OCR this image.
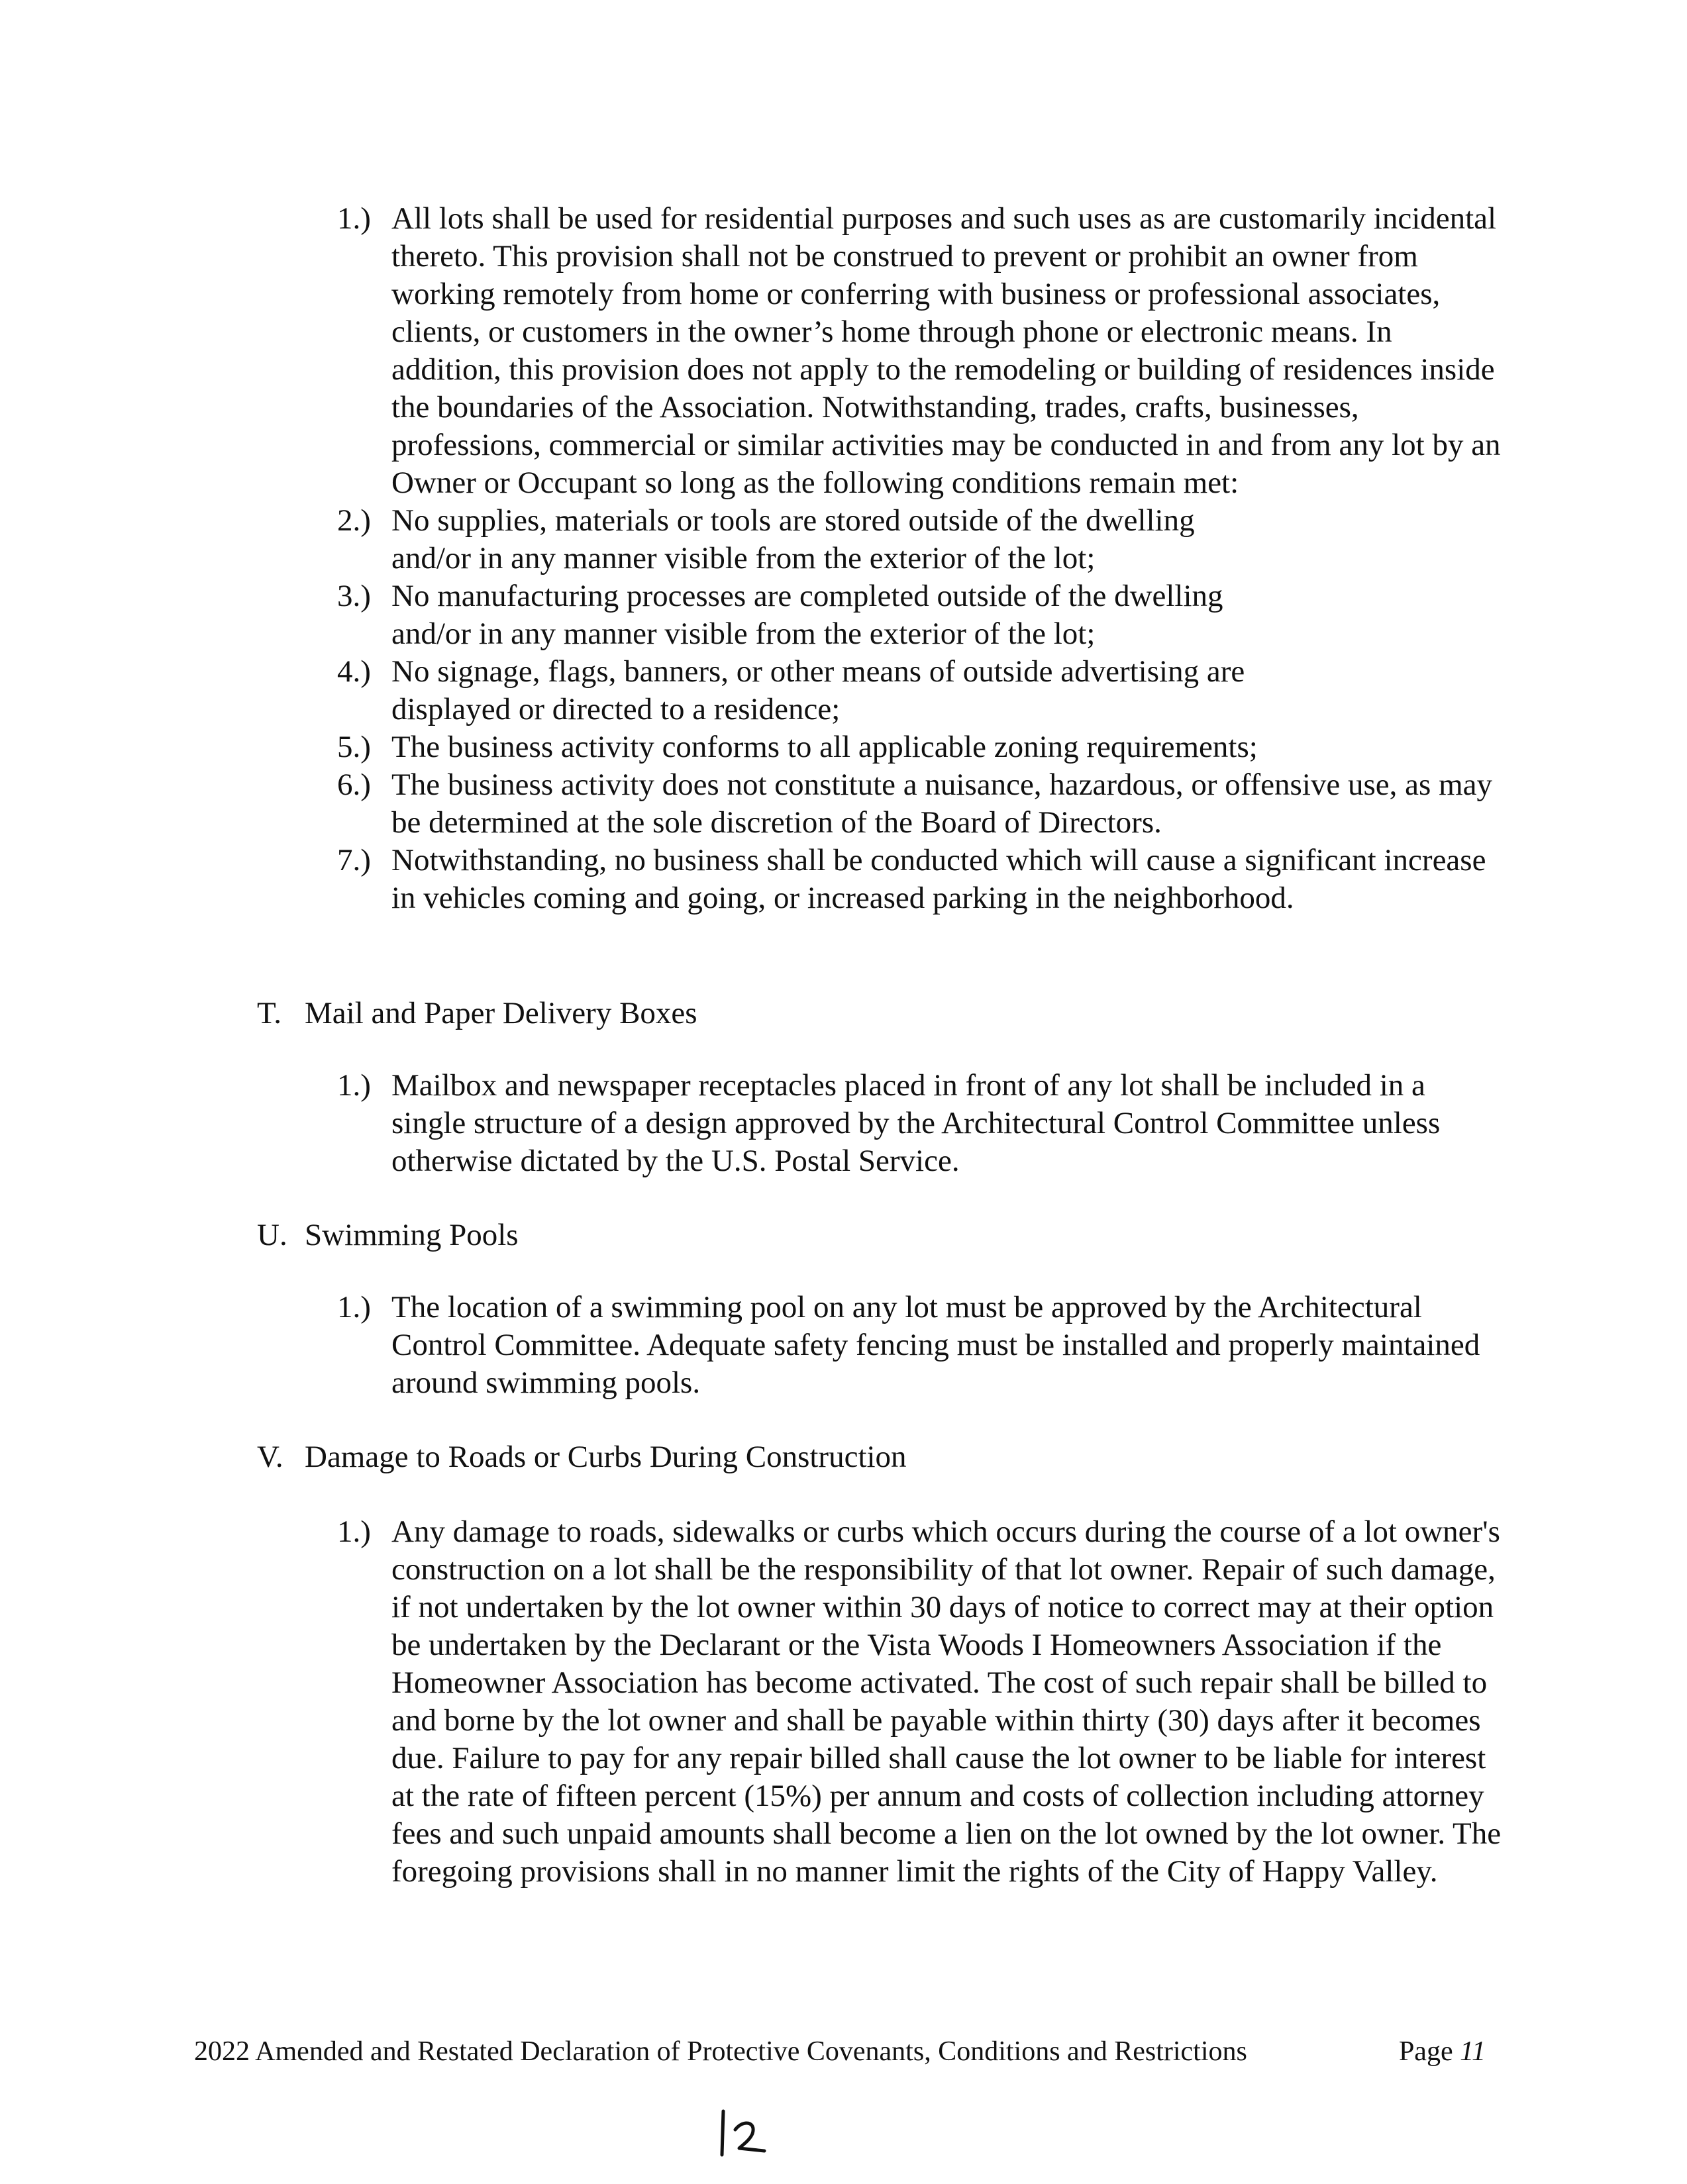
1.) All lots shall be used for residential purposes and such uses as are customarily incidental thereto. This provision shall not be construed to prevent or prohibit an owner from working remotely from home or conferring with business or professional associates, clients, or customers in the owner’s home through phone or electronic means. In addition, this provision does not apply to the remodeling or building of residences inside the boundaries of the Association. Notwithstanding, trades, crafts, businesses, professions, commercial or similar activities may be conducted in and from any lot by an Owner or Occupant so long as the following conditions remain met:
2.) No supplies, materials or tools are stored outside of the dwelling and/or in any manner visible from the exterior of the lot;
3.) No manufacturing processes are completed outside of the dwelling and/or in any manner visible from the exterior of the lot;
4.) No signage, flags, banners, or other means of outside advertising are displayed or directed to a residence;
5.) The business activity conforms to all applicable zoning requirements;
6.) The business activity does not constitute a nuisance, hazardous, or offensive use, as may be determined at the sole discretion of the Board of Directors.
7.) Notwithstanding, no business shall be conducted which will cause a significant increase in vehicles coming and going, or increased parking in the neighborhood.
T. Mail and Paper Delivery Boxes
1.) Mailbox and newspaper receptacles placed in front of any lot shall be included in a single structure of a design approved by the Architectural Control Committee unless otherwise dictated by the U.S. Postal Service.
U. Swimming Pools
1.) The location of a swimming pool on any lot must be approved by the Architectural Control Committee. Adequate safety fencing must be installed and properly maintained around swimming pools.
V. Damage to Roads or Curbs During Construction
1.) Any damage to roads, sidewalks or curbs which occurs during the course of a lot owner's construction on a lot shall be the responsibility of that lot owner. Repair of such damage, if not undertaken by the lot owner within 30 days of notice to correct may at their option be undertaken by the Declarant or the Vista Woods I Homeowners Association if the Homeowner Association has become activated. The cost of such repair shall be billed to and borne by the lot owner and shall be payable within thirty (30) days after it becomes due. Failure to pay for any repair billed shall cause the lot owner to be liable for interest at the rate of fifteen percent (15%) per annum and costs of collection including attorney fees and such unpaid amounts shall become a lien on the lot owned by the lot owner. The foregoing provisions shall in no manner limit the rights of the City of Happy Valley.
2022 Amended and Restated Declaration of Protective Covenants, Conditions and Restrictions	Page 11
